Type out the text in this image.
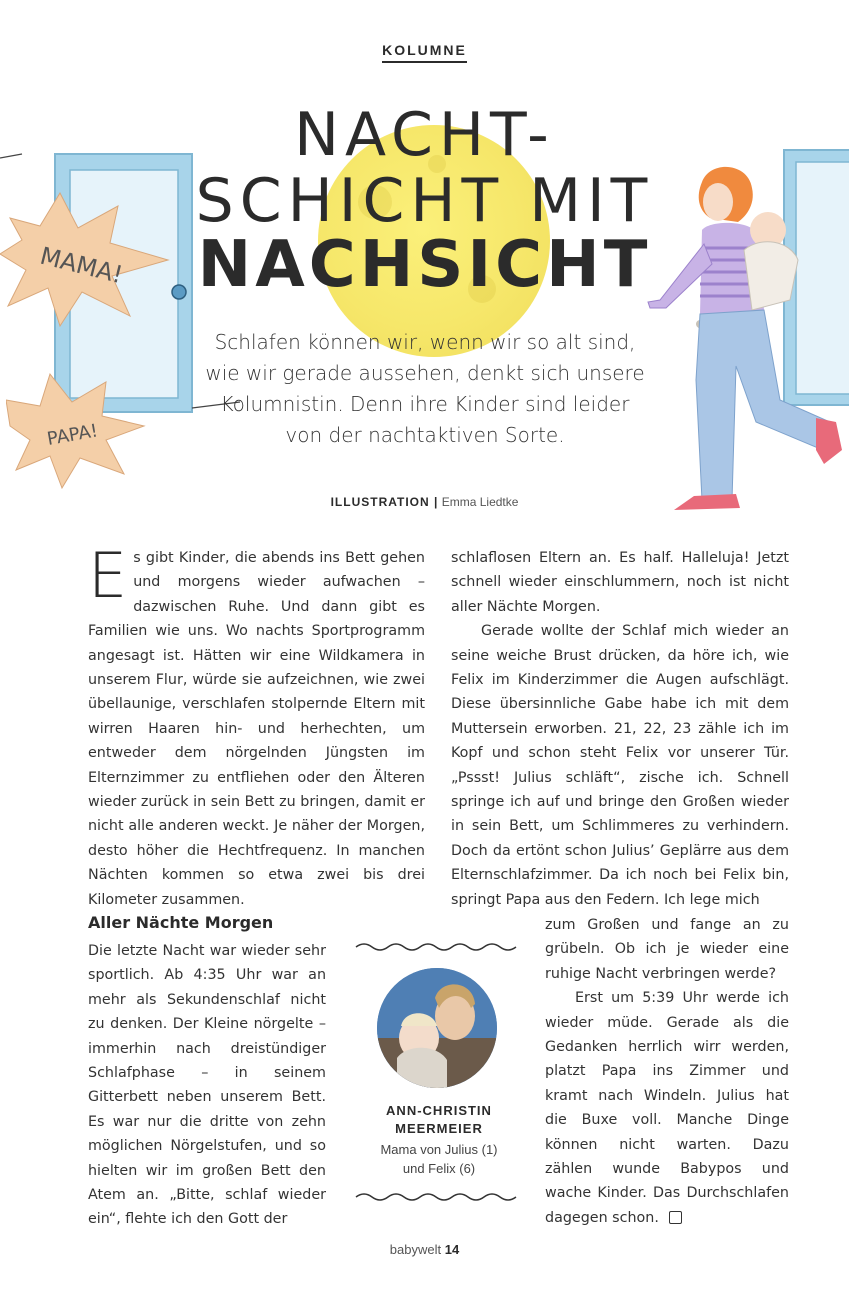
MAMA!
PAPA!
KOLUMNE
NACHT-
SCHICHT MIT
NACHSICHT
Schlafen können wir, wenn wir so alt sind, wie wir gerade aussehen, denkt sich unsere Kolumnistin. Denn ihre Kinder sind leider von der nachtaktiven Sorte.
ILLUSTRATION | Emma Liedtke

Es gibt Kinder, die abends ins Bett gehen und morgens wieder aufwachen – dazwischen Ruhe. Und dann gibt es Familien wie uns. Wo nachts Sportprogramm angesagt ist. Hätten wir eine Wildkamera in unserem Flur, würde sie aufzeichnen, wie zwei übellaunige, verschlafen stolpernde Eltern mit wirren Haaren hin- und herhechten, um entweder dem nörgelnden Jüngsten im Elternzimmer zu entfliehen oder den Älteren wieder zurück in sein Bett zu bringen, damit er nicht alle anderen weckt. Je näher der Morgen, desto höher die Hechtfrequenz. In manchen Nächten kommen so etwa zwei bis drei Kilometer zusammen.

Aller Nächte Morgen

Die letzte Nacht war wieder sehr sportlich. Ab 4:35 Uhr war an mehr als Sekundenschlaf nicht zu denken. Der Kleine nörgelte – immerhin nach dreistündiger Schlafphase – in seinem Gitterbett neben unserem Bett. Es war nur die dritte von zehn möglichen Nörgelstufen, und so hielten wir im großen Bett den Atem an. „Bitte, schlaf wieder ein“, flehte ich den Gott der

schlaflosen Eltern an. Es half. Halleluja! Jetzt schnell wieder einschlummern, noch ist nicht aller Nächte Morgen.

Gerade wollte der Schlaf mich wieder an seine weiche Brust drücken, da höre ich, wie Felix im Kinderzimmer die Augen aufschlägt. Diese übersinnliche Gabe habe ich mit dem Muttersein erworben. 21, 22, 23 zähle ich im Kopf und schon steht Felix vor unserer Tür. „Pssst! Julius schläft“, zische ich. Schnell springe ich auf und bringe den Großen wieder in sein Bett, um Schlimmeres zu verhindern. Doch da ertönt schon Julius’ Geplärre aus dem Elternschlafzimmer. Da ich noch bei Felix bin, springt Papa aus den Federn. Ich lege mich

zum Großen und fange an zu grübeln. Ob ich je wieder eine ruhige Nacht verbringen werde?

Erst um 5:39 Uhr werde ich wieder müde. Gerade als die Gedanken herrlich wirr werden, platzt Papa ins Zimmer und kramt nach Windeln. Julius hat die Buxe voll. Manche Dinge können nicht warten. Dazu zählen wunde Babypos und wache Kinder. Das Durchschlafen dagegen schon.

ANN-CHRISTIN
MEERMEIER
Mama von Julius (1)
und Felix (6)
babywelt 14
